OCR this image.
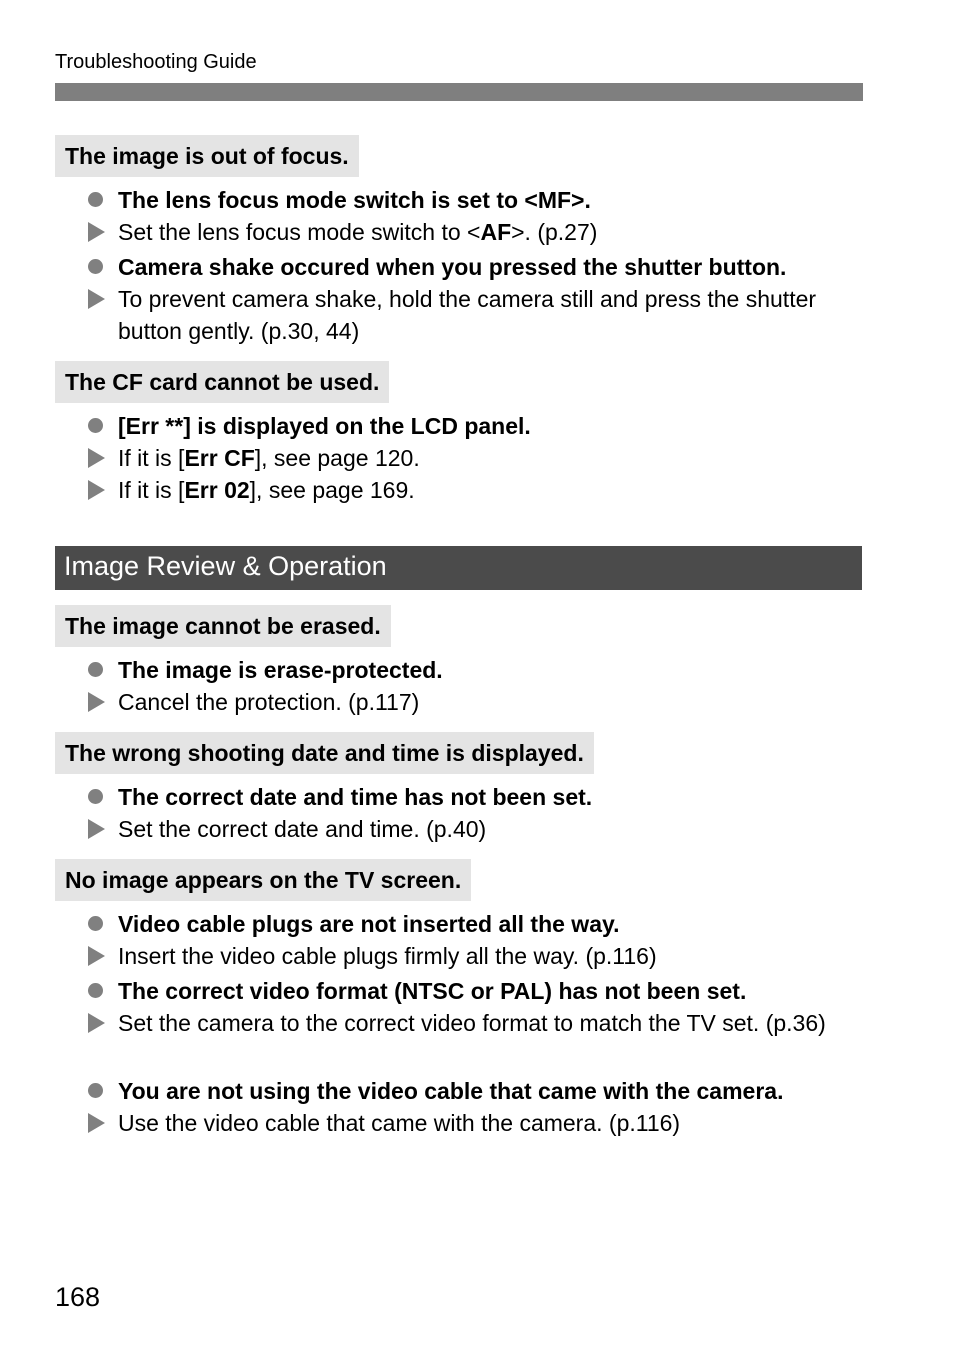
Troubleshooting Guide
The image is out of focus.
The lens focus mode switch is set to <MF>.
Set the lens focus mode switch to <AF>. (p.27)
Camera shake occured when you pressed the shutter button.
To prevent camera shake, hold the camera still and press the shutter button gently. (p.30, 44)
The CF card cannot be used.
[Err **] is displayed on the LCD panel.
If it is [Err CF], see page 120.
If it is [Err 02], see page 169.
Image Review & Operation
The image cannot be erased.
The image is erase-protected.
Cancel the protection. (p.117)
The wrong shooting date and time is displayed.
The correct date and time has not been set.
Set the correct date and time. (p.40)
No image appears on the TV screen.
Video cable plugs are not inserted all the way.
Insert the video cable plugs firmly all the way. (p.116)
The correct video format (NTSC or PAL) has not been set.
Set the camera to the correct video format to match the TV set. (p.36)
You are not using the video cable that came with the camera.
Use the video cable that came with the camera. (p.116)
168
